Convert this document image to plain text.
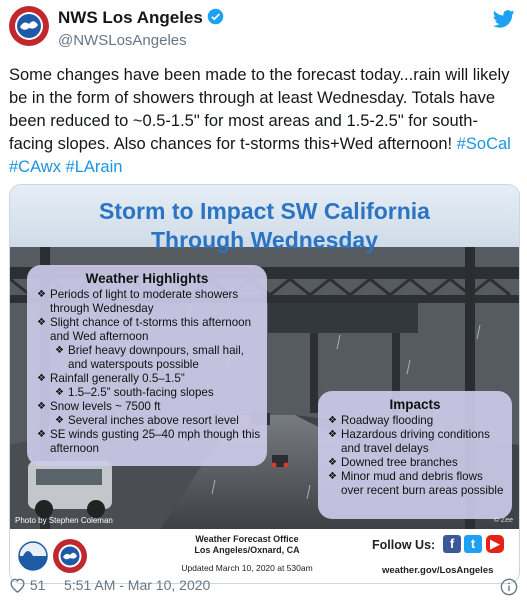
NWS Los Angeles
@NWSLosAngeles
Some changes have been made to the forecast today...rain will likely be in the form of showers through at least Wednesday. Totals have been reduced to ~0.5-1.5" for most areas and 1.5-2.5" for south-facing slopes. Also chances for t-storms this+Wed afternoon! #SoCal #CAwx #LArain
Storm to Impact SW California
Through Wednesday
Weather Highlights
❖ Periods of light to moderate showers through Wednesday
❖ Slight chance of t-storms this afternoon and Wed afternoon
❖ Brief heavy downpours, small hail, and waterspouts possible
❖ Rainfall generally 0.5–1.5”
❖ 1.5–2.5” south-facing slopes
❖ Snow levels ~ 7500 ft
❖ Several inches above resort level
❖ SE winds gusting 25–40 mph though this afternoon
Impacts
❖ Roadway flooding
❖ Hazardous driving conditions and travel delays
❖ Downed tree branches
❖ Minor mud and debris flows over recent burn areas possible
Photo by Stephen Coleman	© Zee
Weather Forecast Office
Los Angeles/Oxnard, CA
Updated March 10, 2020 at 530am
Follow Us:	f	t	▶
weather.gov/LosAngeles
51 5:51 AM - Mar 10, 2020
